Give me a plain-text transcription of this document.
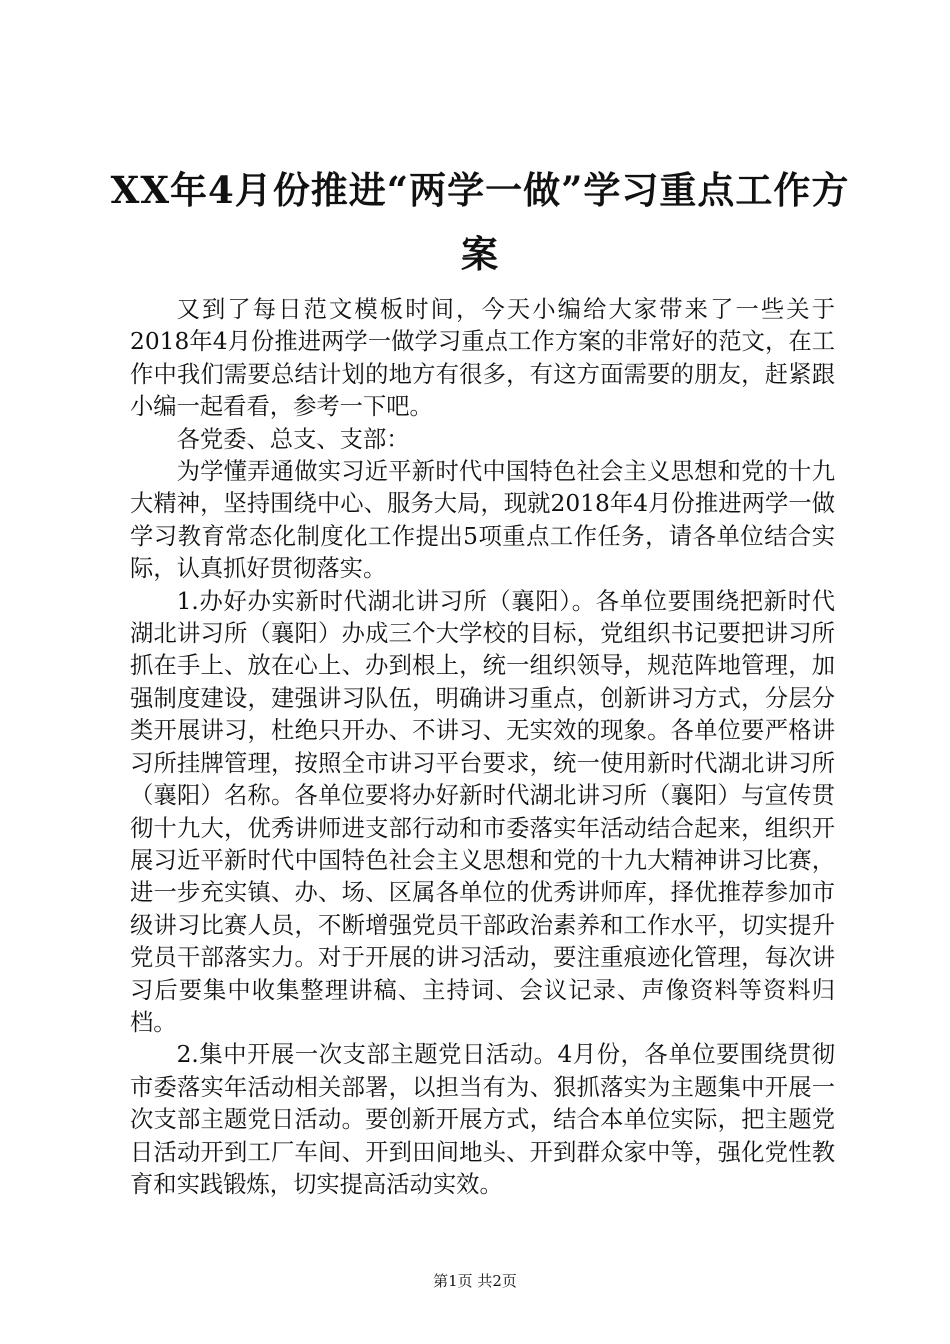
XX年4月份推进“两学一做”学习重点工作方案

又到了每日范文模板时间，今天小编给大家带来了一些关于2018年4月份推进两学一做学习重点工作方案的非常好的范文，在工作中我们需要总结计划的地方有很多，有这方面需要的朋友，赶紧跟小编一起看看，参考一下吧。

各党委、总支、支部：

为学懂弄通做实习近平新时代中国特色社会主义思想和党的十九大精神，坚持围绕中心、服务大局，现就2018年4月份推进两学一做学习教育常态化制度化工作提出5项重点工作任务，请各单位结合实际，认真抓好贯彻落实。

1.办好办实新时代湖北讲习所（襄阳）。各单位要围绕把新时代湖北讲习所（襄阳）办成三个大学校的目标，党组织书记要把讲习所抓在手上、放在心上、办到根上，统一组织领导，规范阵地管理，加强制度建设，建强讲习队伍，明确讲习重点，创新讲习方式，分层分类开展讲习，杜绝只开办、不讲习、无实效的现象。各单位要严格讲习所挂牌管理，按照全市讲习平台要求，统一使用新时代湖北讲习所（襄阳）名称。各单位要将办好新时代湖北讲习所（襄阳）与宣传贯彻十九大，优秀讲师进支部行动和市委落实年活动结合起来，组织开展习近平新时代中国特色社会主义思想和党的十九大精神讲习比赛，进一步充实镇、办、场、区属各单位的优秀讲师库，择优推荐参加市级讲习比赛人员，不断增强党员干部政治素养和工作水平，切实提升党员干部落实力。对于开展的讲习活动，要注重痕迹化管理，每次讲习后要集中收集整理讲稿、主持词、会议记录、声像资料等资料归档。

2.集中开展一次支部主题党日活动。4月份，各单位要围绕贯彻市委落实年活动相关部署，以担当有为、狠抓落实为主题集中开展一次支部主题党日活动。要创新开展方式，结合本单位实际，把主题党日活动开到工厂车间、开到田间地头、开到群众家中等，强化党性教育和实践锻炼，切实提高活动实效。

第1页 共2页
